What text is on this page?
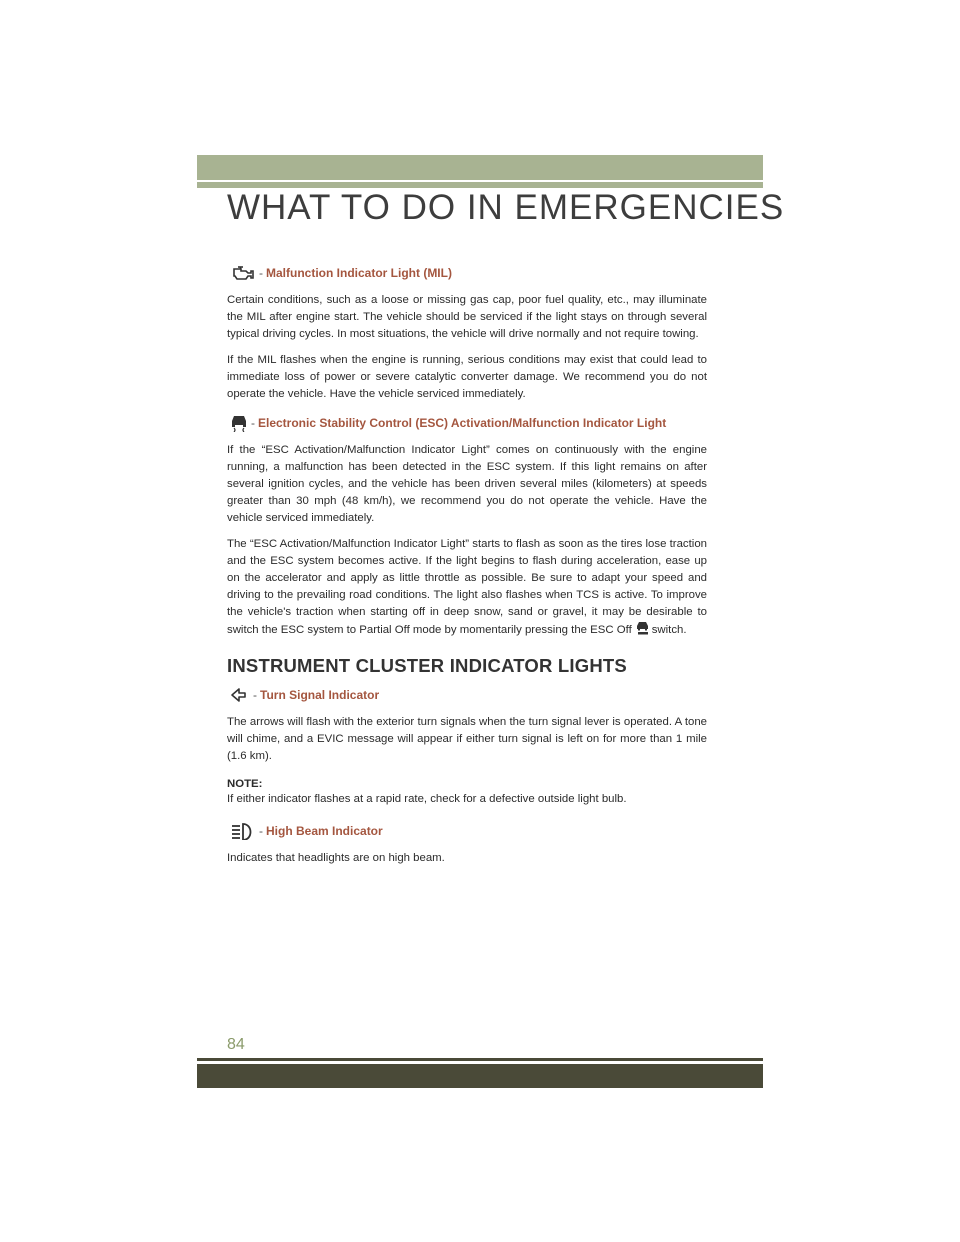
WHAT TO DO IN EMERGENCIES
- Malfunction Indicator Light (MIL)

Certain conditions, such as a loose or missing gas cap, poor fuel quality, etc., may illuminate the MIL after engine start. The vehicle should be serviced if the light stays on through several typical driving cycles. In most situations, the vehicle will drive normally and not require towing.

If the MIL flashes when the engine is running, serious conditions may exist that could lead to immediate loss of power or severe catalytic converter damage. We recommend you do not operate the vehicle. Have the vehicle serviced immediately.

- Electronic Stability Control (ESC) Activation/Malfunction Indicator Light

If the “ESC Activation/Malfunction Indicator Light” comes on continuously with the engine running, a malfunction has been detected in the ESC system. If this light remains on after several ignition cycles, and the vehicle has been driven several miles (kilometers) at speeds greater than 30 mph (48 km/h), we recommend you do not operate the vehicle. Have the vehicle serviced immediately.

The “ESC Activation/Malfunction Indicator Light” starts to flash as soon as the tires lose traction and the ESC system becomes active. If the light begins to flash during acceleration, ease up on the accelerator and apply as little throttle as possible. Be sure to adapt your speed and driving to the prevailing road conditions. The light also flashes when TCS is active. To improve the vehicle's traction when starting off in deep snow, sand or gravel, it may be desirable to switch the ESC system to Partial Off mode by momentarily pressing the ESC Off switch.

INSTRUMENT CLUSTER INDICATOR LIGHTS
- Turn Signal Indicator

The arrows will flash with the exterior turn signals when the turn signal lever is operated. A tone will chime, and a EVIC message will appear if either turn signal is left on for more than 1 mile (1.6 km).

NOTE:

If either indicator flashes at a rapid rate, check for a defective outside light bulb.

- High Beam Indicator

Indicates that headlights are on high beam.

84
